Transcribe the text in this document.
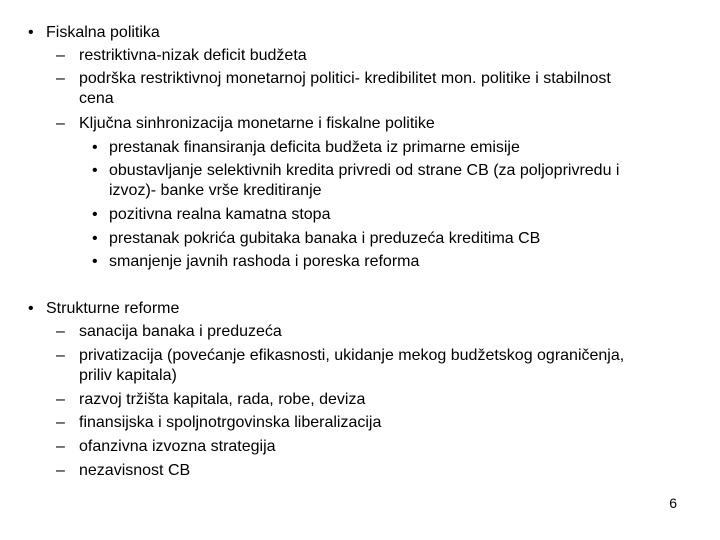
• Fiskalna politika
– restriktivna-nizak deficit budžeta
– podrška restriktivnoj monetarnoj politici- kredibilitet mon. politike i stabilnost
cena
– Ključna sinhronizacija monetarne i fiskalne politike
• prestanak finansiranja deficita budžeta iz primarne emisije
• obustavljanje selektivnih kredita privredi od strane CB (za poljoprivredu i
izvoz)- banke vrše kreditiranje
• pozitivna realna kamatna stopa
• prestanak pokrića gubitaka banaka i preduzeća kreditima CB
• smanjenje javnih rashoda i poreska reforma
• Strukturne reforme
– sanacija banaka i preduzeća
– privatizacija (povećanje efikasnosti, ukidanje mekog budžetskog ograničenja,
priliv kapitala)
– razvoj tržišta kapitala, rada, robe, deviza
– finansijska i spoljnotrgovinska liberalizacija
– ofanzivna izvozna strategija
– nezavisnost CB
6
